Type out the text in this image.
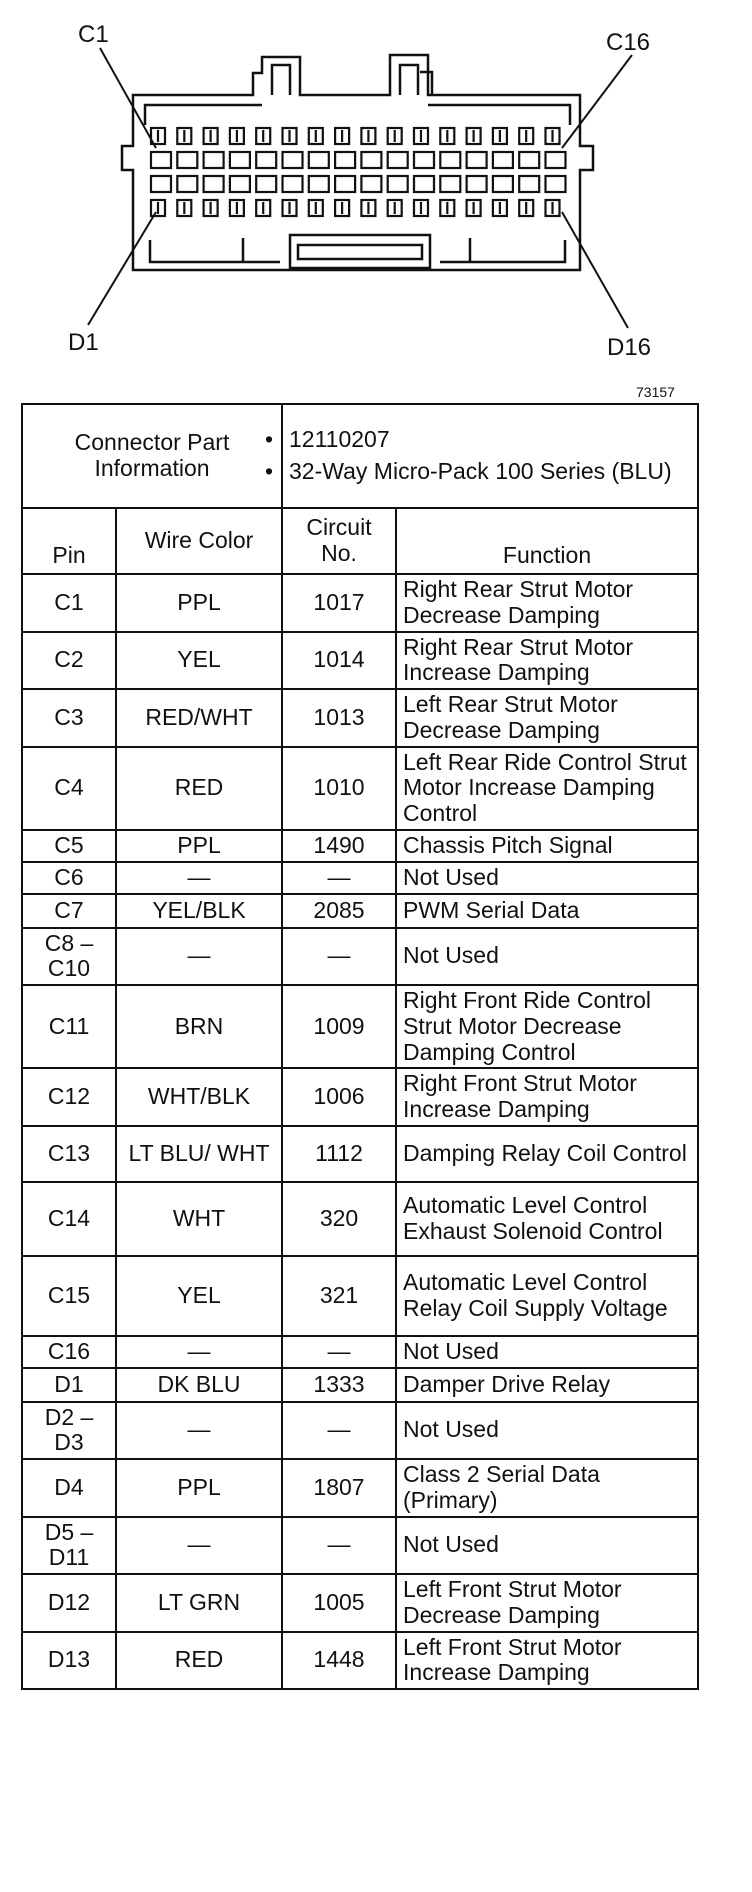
C1	C16
D1	D16
73157
Connector Part Information		• 12110207
• 32-Way Micro-Pack 100 Series (BLU)	

Pin	Wire Color	Circuit No.	Function
C1	PPL	1017	Right Rear Strut Motor Decrease Damping
C2	YEL	1014	Right Rear Strut Motor Increase Damping
C3	RED/WHT	1013	Left Rear Strut Motor Decrease Damping
C4	RED	1010	Left Rear Ride Control Strut Motor Increase Damping Control
C5	PPL	1490	Chassis Pitch Signal
C6	—	—	Not Used
C7	YEL/BLK	2085	PWM Serial Data
C8 – C10	—	—	Not Used
C11	BRN	1009	Right Front Ride Control Strut Motor Decrease Damping Control
C12	WHT/BLK	1006	Right Front Strut Motor Increase Damping
C13	LT BLU/ WHT	1112	Damping Relay Coil Control
C14	WHT	320	Automatic Level Control Exhaust Solenoid Control
C15	YEL	321	Automatic Level Control Relay Coil Supply Voltage
C16	—	—	Not Used
D1	DK BLU	1333	Damper Drive Relay
D2 – D3	—	—	Not Used
D4	PPL	1807	Class 2 Serial Data (Primary)
D5 – D11	—	—	Not Used
D12	LT GRN	1005	Left Front Strut Motor Decrease Damping
D13	RED	1448	Left Front Strut Motor Increase Damping
